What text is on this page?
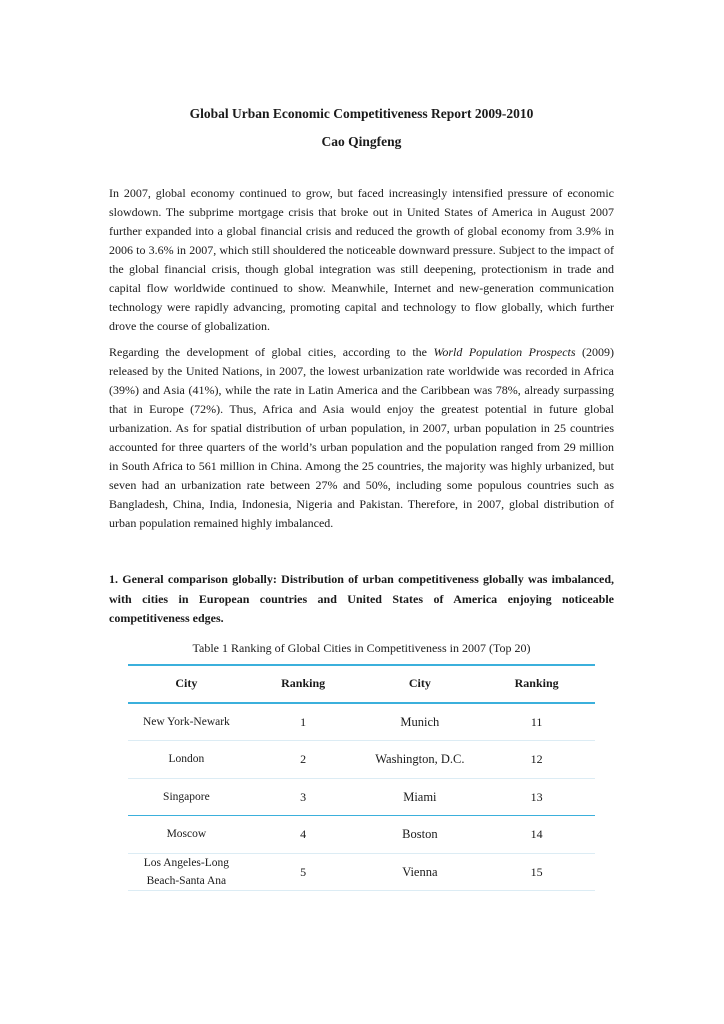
Global Urban Economic Competitiveness Report 2009-2010
Cao Qingfeng

In 2007, global economy continued to grow, but faced increasingly intensified pressure of economic slowdown. The subprime mortgage crisis that broke out in United States of America in August 2007 further expanded into a global financial crisis and reduced the growth of global economy from 3.9% in 2006 to 3.6% in 2007, which still shouldered the noticeable downward pressure. Subject to the impact of the global financial crisis, though global integration was still deepening, protectionism in trade and capital flow worldwide continued to show. Meanwhile, Internet and new-generation communication technology were rapidly advancing, promoting capital and technology to flow globally, which further drove the course of globalization.

Regarding the development of global cities, according to the World Population Prospects (2009) released by the United Nations, in 2007, the lowest urbanization rate worldwide was recorded in Africa (39%) and Asia (41%), while the rate in Latin America and the Caribbean was 78%, already surpassing that in Europe (72%). Thus, Africa and Asia would enjoy the greatest potential in future global urbanization. As for spatial distribution of urban population, in 2007, urban population in 25 countries accounted for three quarters of the world’s urban population and the population ranged from 29 million in South Africa to 561 million in China. Among the 25 countries, the majority was highly urbanized, but seven had an urbanization rate between 27% and 50%, including some populous countries such as Bangladesh, China, India, Indonesia, Nigeria and Pakistan. Therefore, in 2007, global distribution of urban population remained highly imbalanced.

1. General comparison globally: Distribution of urban competitiveness globally was imbalanced, with cities in European countries and United States of America enjoying noticeable competitiveness edges.
Table 1 Ranking of Global Cities in Competitiveness in 2007 (Top 20)
City	Ranking	City	Ranking
New York-Newark	1	Munich	11
London	2	Washington, D.C.	12
Singapore	3	Miami	13
Moscow	4	Boston	14
Los Angeles-Long Beach-Santa Ana	5	Vienna	15
